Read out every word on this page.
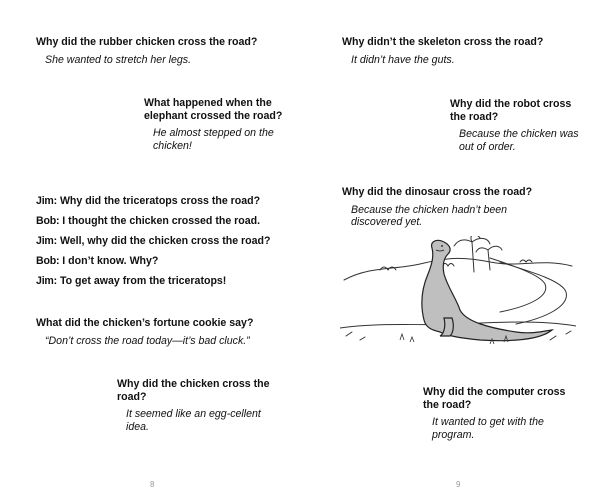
Why did the rubber chicken cross the road?

She wanted to stretch her legs.

What happened when the elephant crossed the road?

He almost stepped on the chicken!

Jim: Why did the triceratops cross the road?

Bob: I thought the chicken crossed the road.

Jim: Well, why did the chicken cross the road?

Bob: I don’t know. Why?

Jim: To get away from the triceratops!

What did the chicken’s fortune cookie say?

“Don’t cross the road today—it’s bad cluck.”

Why did the chicken cross the road?

It seemed like an egg-cellent idea.

8

Why didn’t the skeleton cross the road?

It didn’t have the guts.

Why did the robot cross the road?

Because the chicken was out of order.

Why did the dinosaur cross the road?

Because the chicken hadn’t been discovered yet.

Why did the computer cross the road?

It wanted to get with the program.

9
